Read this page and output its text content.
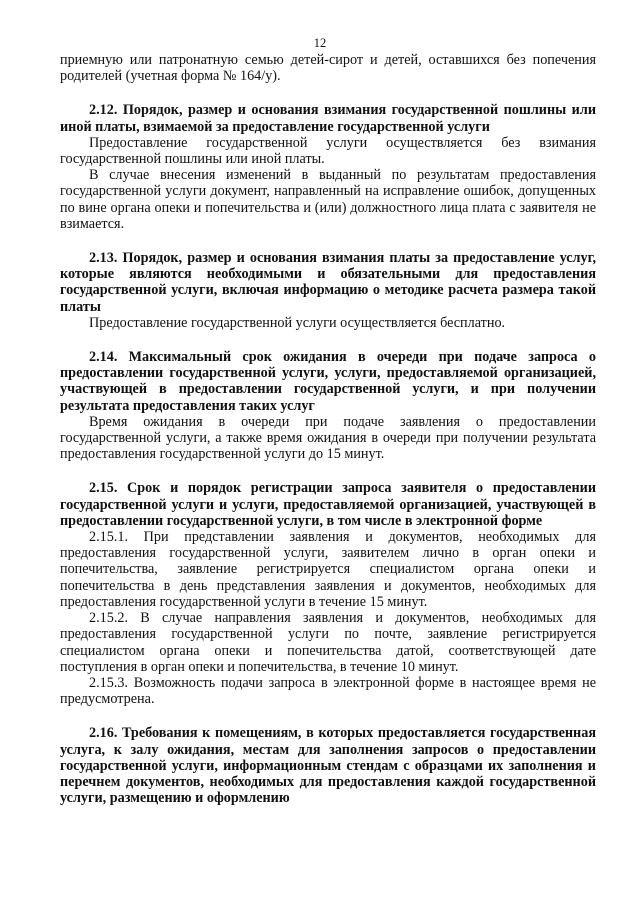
12

приемную или патронатную семью детей-сирот и детей, оставшихся без попечения родителей (учетная форма № 164/у).

2.12. Порядок, размер и основания взимания государственной пошлины или иной платы, взимаемой за предоставление государственной услуги

Предоставление государственной услуги осуществляется без взимания государственной пошлины или иной платы.

В случае внесения изменений в выданный по результатам предоставления государственной услуги документ, направленный на исправление ошибок, допущенных по вине органа опеки и попечительства и (или) должностного лица плата с заявителя не взимается.

2.13. Порядок, размер и основания взимания платы за предоставление услуг, которые являются необходимыми и обязательными для предоставления государственной услуги, включая информацию о методике расчета размера такой платы

Предоставление государственной услуги осуществляется бесплатно.

2.14. Максимальный срок ожидания в очереди при подаче запроса о предоставлении государственной услуги, услуги, предоставляемой организацией, участвующей в предоставлении государственной услуги, и при получении результата предоставления таких услуг

Время ожидания в очереди при подаче заявления о предоставлении государственной услуги, а также время ожидания в очереди при получении результата предоставления государственной услуги до 15 минут.

2.15. Срок и порядок регистрации запроса заявителя о предоставлении государственной услуги и услуги, предоставляемой организацией, участвующей в предоставлении государственной услуги, в том числе в электронной форме

2.15.1. При представлении заявления и документов, необходимых для предоставления государственной услуги, заявителем лично в орган опеки и попечительства, заявление регистрируется специалистом органа опеки и попечительства в день представления заявления и документов, необходимых для предоставления государственной услуги в течение 15 минут.

2.15.2. В случае направления заявления и документов, необходимых для предоставления государственной услуги по почте, заявление регистрируется специалистом органа опеки и попечительства датой, соответствующей дате поступления в орган опеки и попечительства, в течение 10 минут.

2.15.3. Возможность подачи запроса в электронной форме в настоящее время не предусмотрена.

2.16. Требования к помещениям, в которых предоставляется государственная услуга, к залу ожидания, местам для заполнения запросов о предоставлении государственной услуги, информационным стендам с образцами их заполнения и перечнем документов, необходимых для предоставления каждой государственной услуги, размещению и оформлению
